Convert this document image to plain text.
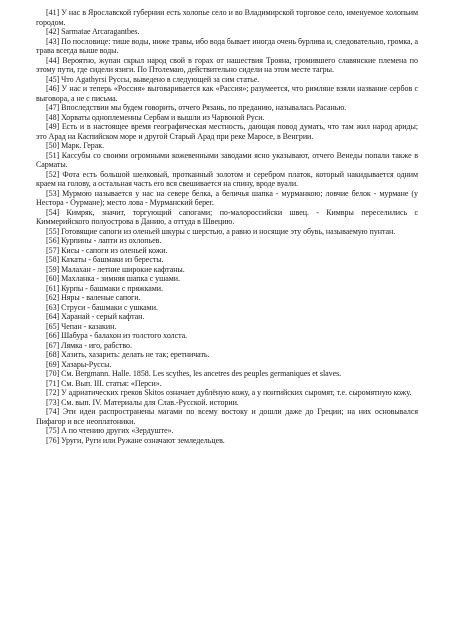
[41] У нас в Ярославской губернии есть холопье село и во Владимирской торговое село, именуемое холопьим городом.

[42] Sarmatae Arcaragantbes.

[43] По пословице: тише воды, ниже травы, ибо вода бывает иногда очень бурлива и, следовательно, громка, а трава всегда выше воды.

[44] Вероятно, жупан скрыл народ свой в горах от нашествия Трояна, громившего славянские племена по этому пути, где сидели язиги. По Птолемаю, действительно сидели на этом месте тагры.

[45] Что Agathyrsi Руссы, выведено в следующей за сим статье.

[46] У нас и теперь «Россия» выговаривается как «Рассия»; разумеется, что римляне взяли название сербов с выговора, а не с письма.

[47] Впоследствии мы будем говорить, отчего Рязань, по преданию, называлась Расанью.

[48] Хорваты одноплеменны Сербам и вышли из Чарвоной Руси.

[49] Есть и в настоящее время географическая местность, дающая повод думать, что там жил народ ариды; это Арад на Каспийском море и другой Старый Арад при реке Маросе, в Венгрии.

[50] Марк. Герак.

[51] Кассубы со своими огромными кожевенными заводами ясно указывают, отчего Венеды попали также в Сарматы.

[52] Фота есть большой шелковый, протканный золотом и серебром платок, который накидывается одним краем на голову, а остальная часть его вся свешивается на спину, вроде вуали.

[53] Мурмою называется у нас на севере белка, а беличья шапка - мурманкою; ловчие белок - мурмане (у Нестора - Оурмане); место лова - Мурманский берег.

[54] Кимряк, значит, торгующий сапогами; по-малороссийски швец. - Кимвры переселились с Киммерийского полуострова в Данию, а оттуда в Швецию.

[55] Готовящие сапоги из оленьей шкуры с шерстью, а равно и носящие эту обувь, называемую пунтан.

[56] Курпины - лапти из охлопьев.

[57] Кисы - сапоги из оленьей кожи.

[58] Каҡаты - башмаки из бересты.

[59] Малахан - летние широкие кафтаны.

[60] Махланка - зимняя шапка с ушами.

[61] Курпы - башмаки с пряжками.

[62] Няры - валеные сапоги.

[63] Струси - башмаки с ушками.

[64] Харанай - серый кафтан.

[65] Чепан - казакин.

[66] Шабура - балахон из толстого холста.

[67] Лямка - иго, рабство.

[68] Хазить, хазарить: делать не так; еретничать.

[69] Хазары-Руссы.

[70] См. Bergmann. Halle. 1858. Les scythes, les ancetres des peuples germaniques et slaves.

[71] См. Вып. III. статья: «Перси».

[72] У адриатических греков Skitos означает дублёную кожу, а у понтийских сыромят, т.е. сыромятную кожу.

[73] См. вып. IV. Материалы для Слав.-Русской. истории.

[74] Эти идеи распространены магами по всему востоку и дошли даже до Греции; на них основывался Пифагор и все неоплатоники.

[75] А по чтению других «Зердуште».

[76] Уруги, Руги или Ружане означают земледельцев.
